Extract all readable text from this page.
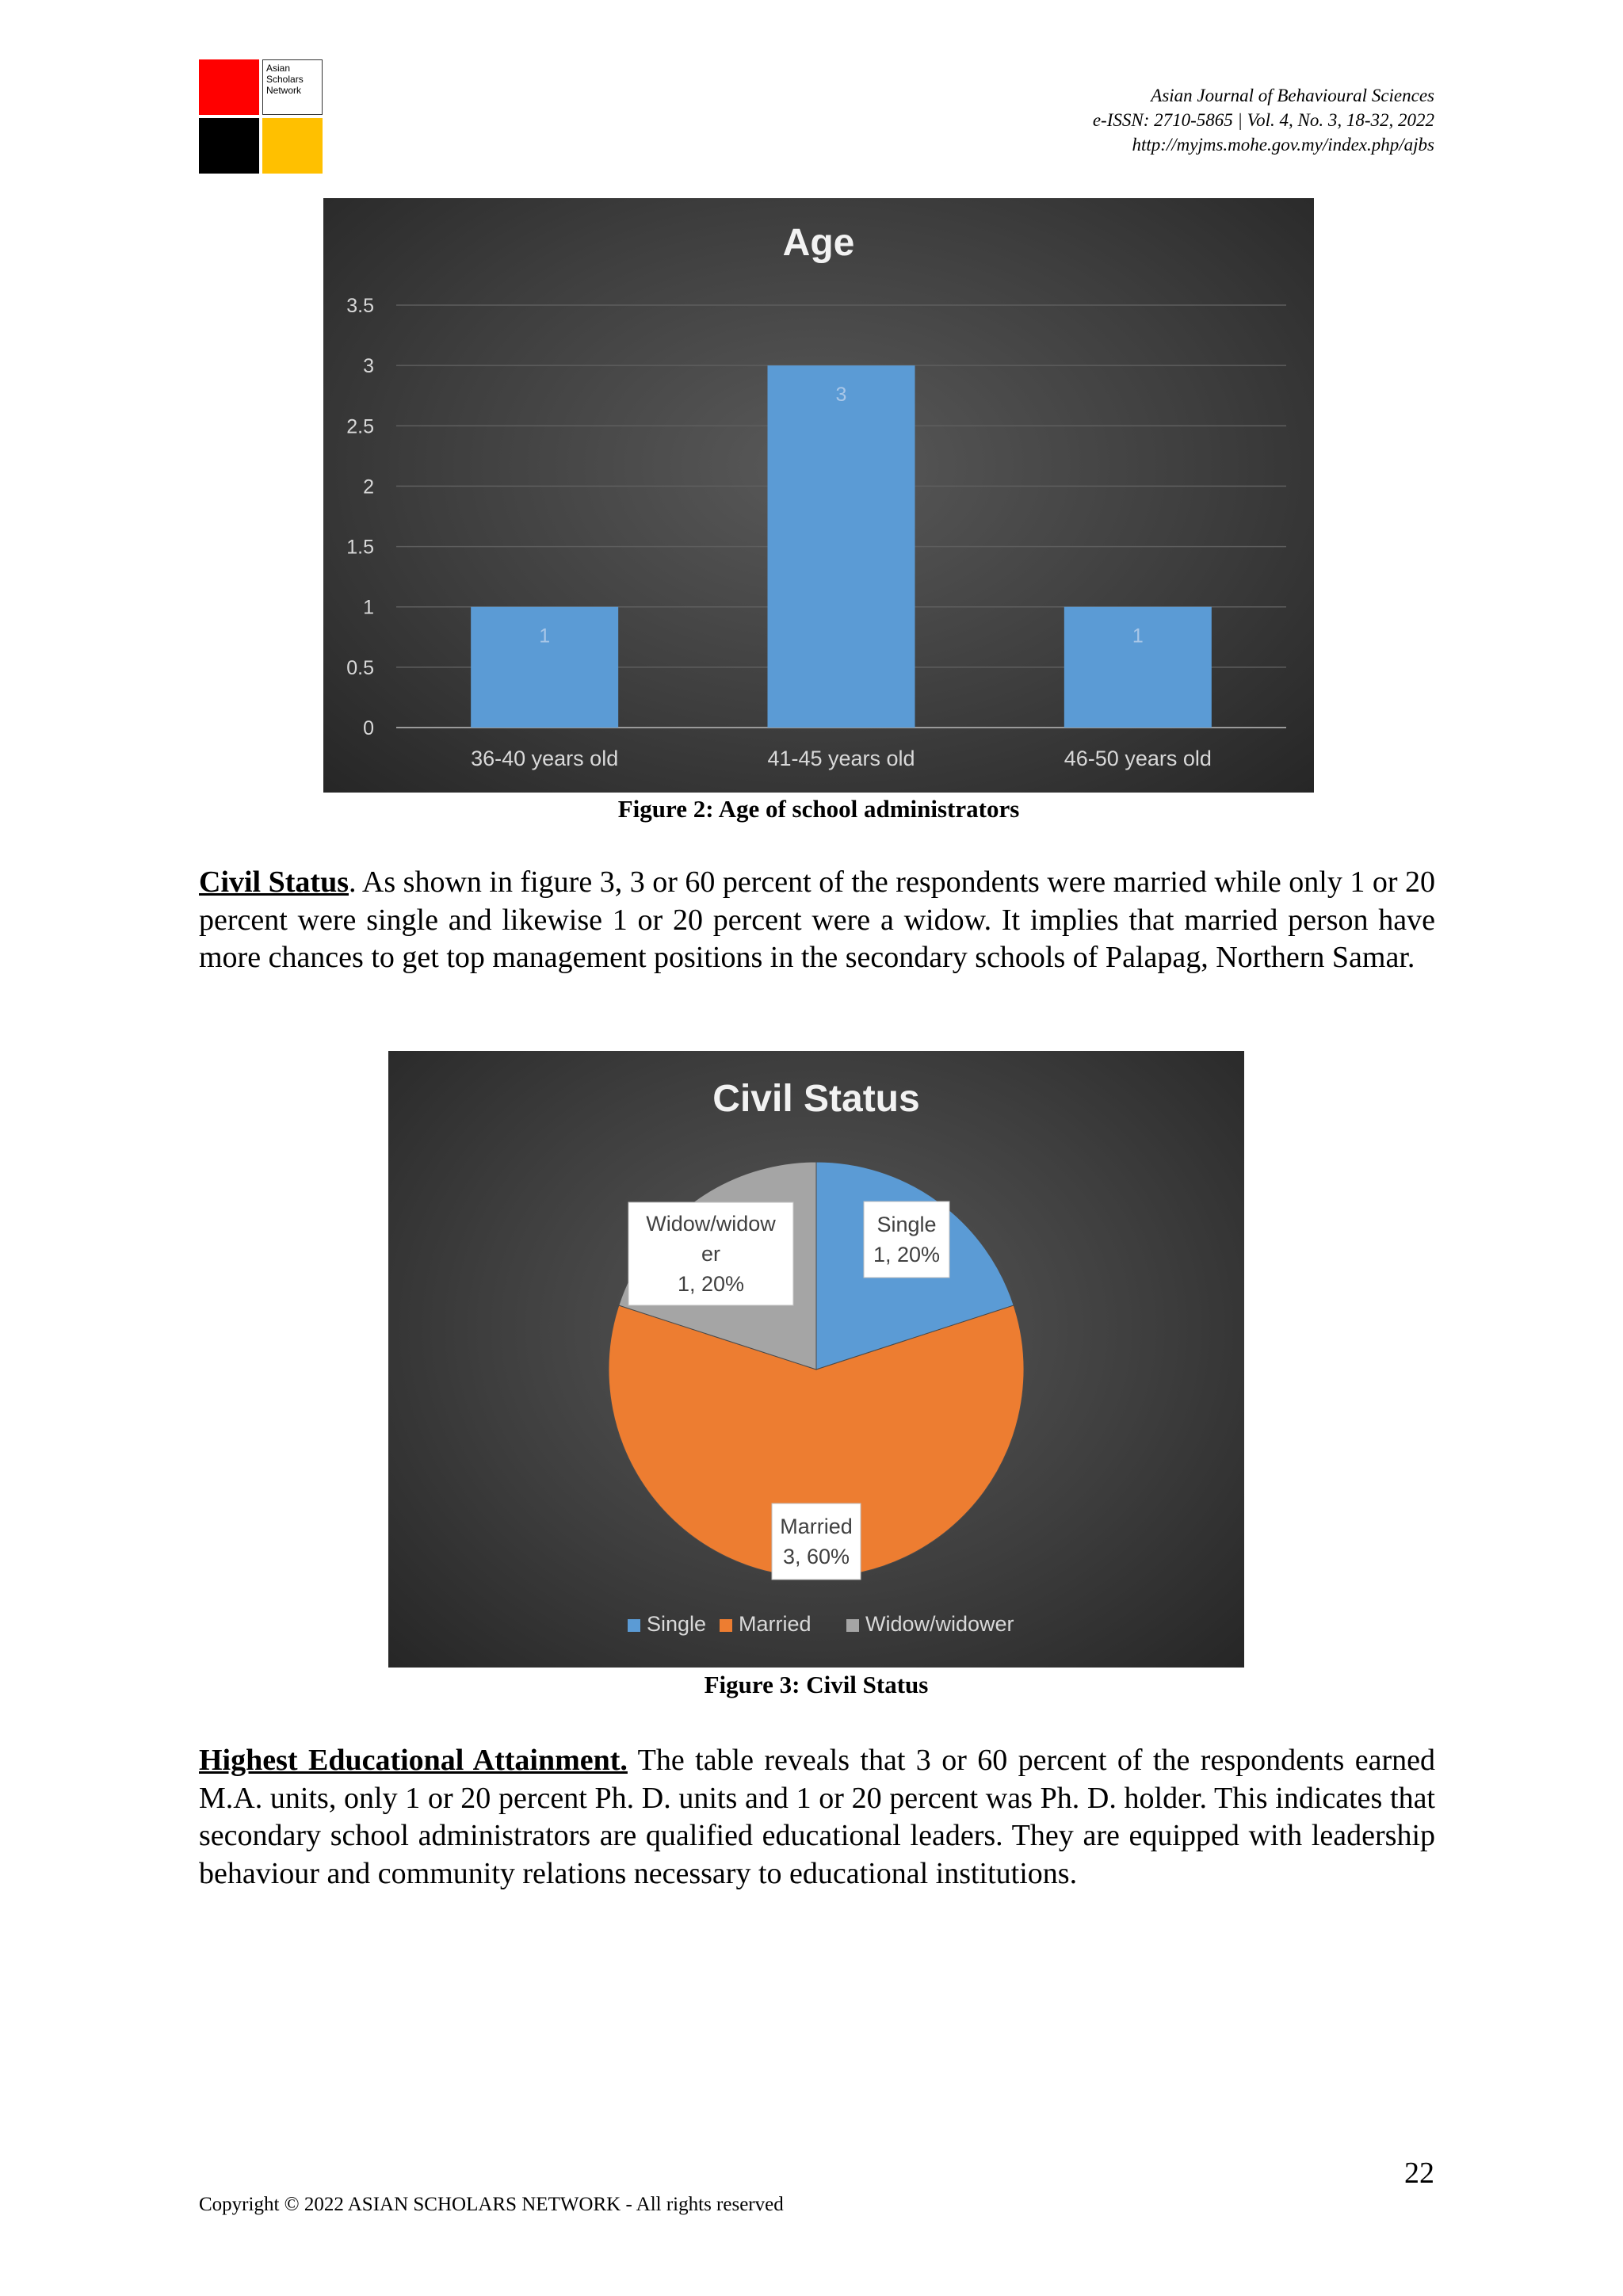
Asian
Scholars
Network	Asian Journal of Behavioural Sciences
e-ISSN: 2710-5865 | Vol. 4, No. 3, 18-32, 2022
http://myjms.mohe.gov.my/index.php/ajbs
Age
0
0.5
1
1.5
2
2.5
3
3.5
1
3
1
36-40 years old	41-45 years old	46-50 years old
Figure 2: Age of school administrators
Civil Status. As shown in figure 3, 3 or 60 percent of the respondents were married while only 1 or 20 percent were single and likewise 1 or 20 percent were a widow. It implies that married person have more chances to get top management positions in the secondary schools of Palapag, Northern Samar.
Civil Status
Single
1, 20%
Married
3, 60%
Widow/widow
er
1, 20%
Single Married	Widow/widower
Figure 3: Civil Status
Highest Educational Attainment. The table reveals that 3 or 60 percent of the respondents earned M.A. units, only 1 or 20 percent Ph. D. units and 1 or 20 percent was Ph. D. holder. This indicates that secondary school administrators are qualified educational leaders. They are equipped with leadership behaviour and community relations necessary to educational institutions.
22
Copyright © 2022 ASIAN SCHOLARS NETWORK - All rights reserved
